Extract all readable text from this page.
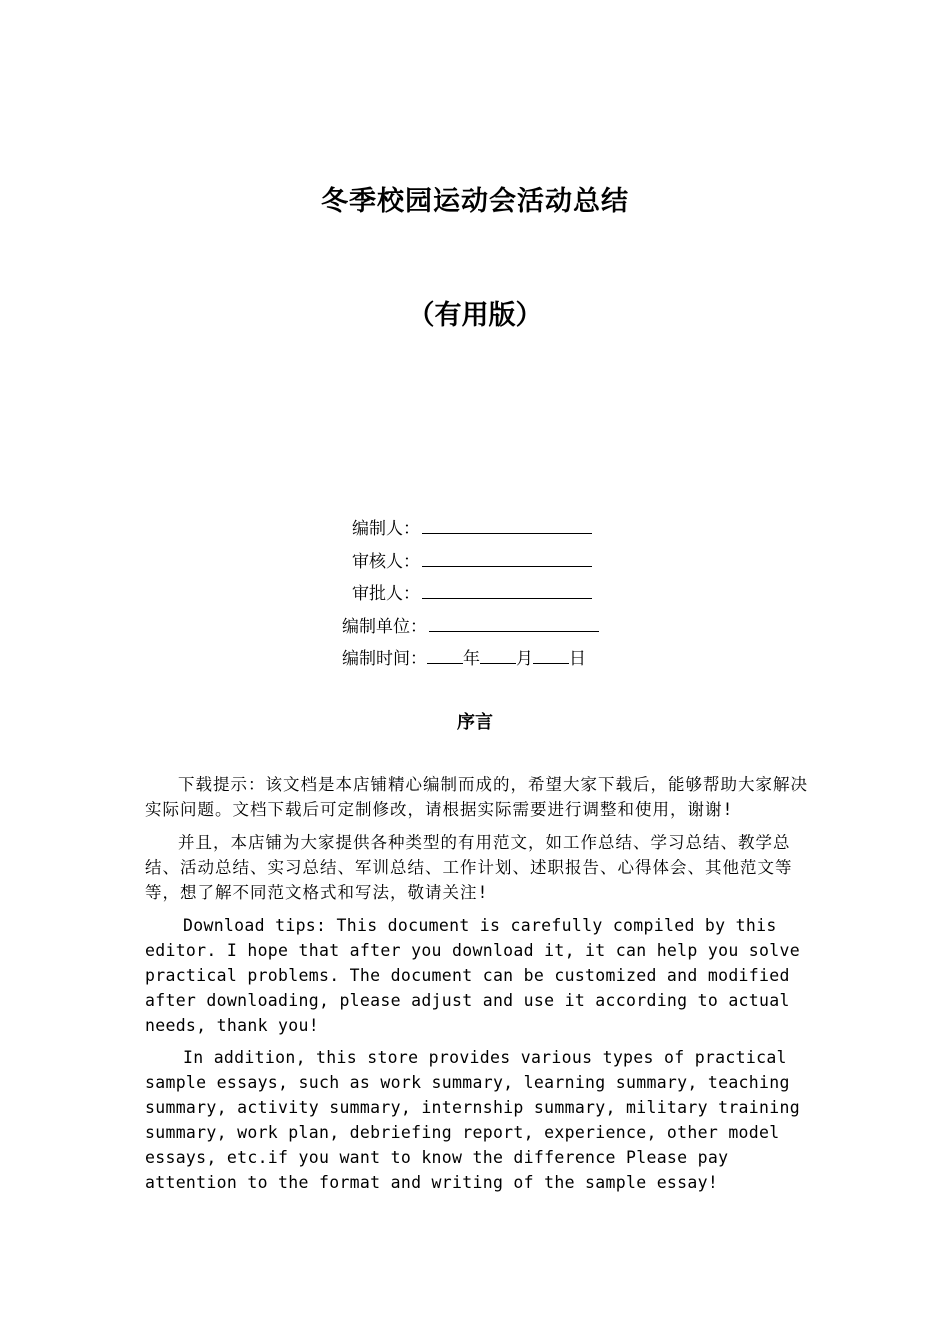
冬季校园运动会活动总结
（有用版）
编制人：
审核人：
审批人：
编制单位：
编制时间： 年 月 日
序言

下载提示：该文档是本店铺精心编制而成的，希望大家下载后，能够帮助大家解决实际问题。文档下载后可定制修改，请根据实际需要进行调整和使用，谢谢!

并且，本店铺为大家提供各种类型的有用范文，如工作总结、学习总结、教学总结、活动总结、实习总结、军训总结、工作计划、述职报告、心得体会、其他范文等等，想了解不同范文格式和写法，敬请关注!

Download tips: This document is carefully compiled by this editor. I hope that after you download it, it can help you solve practical problems. The document can be customized and modified after downloading, please adjust and use it according to actual needs, thank you!

In addition, this store provides various types of practical sample essays, such as work summary, learning summary, teaching summary, activity summary, internship summary, military training summary, work plan, debriefing report, experience, other model essays, etc.if you want to know the difference Please pay attention to the format and writing of the sample essay!
